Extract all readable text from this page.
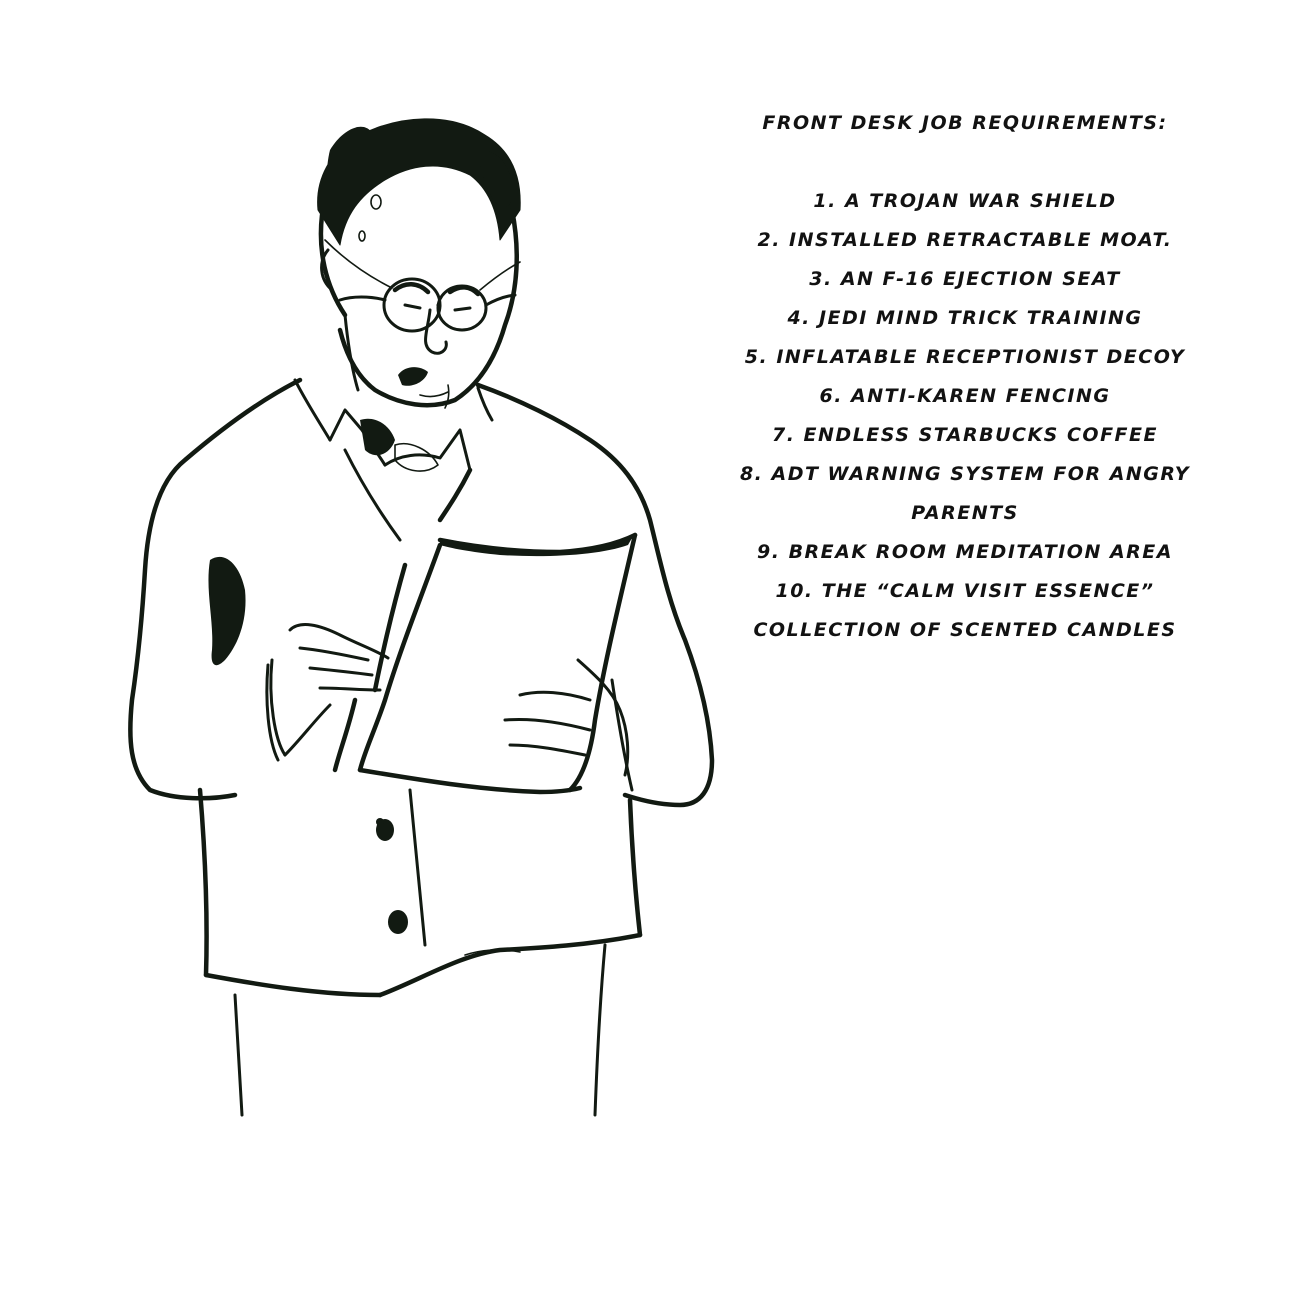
FRONT DESK JOB REQUIREMENTS:
1. A TROJAN WAR SHIELD
2. INSTALLED RETRACTABLE MOAT.
3. AN F-16 EJECTION SEAT
4. JEDI MIND TRICK TRAINING
5. INFLATABLE RECEPTIONIST DECOY
6. ANTI-KAREN FENCING
7. ENDLESS STARBUCKS COFFEE
8. ADT WARNING SYSTEM FOR ANGRY PARENTS
9. BREAK ROOM MEDITATION AREA
10. THE “CALM VISIT ESSENCE” COLLECTION OF SCENTED CANDLES
